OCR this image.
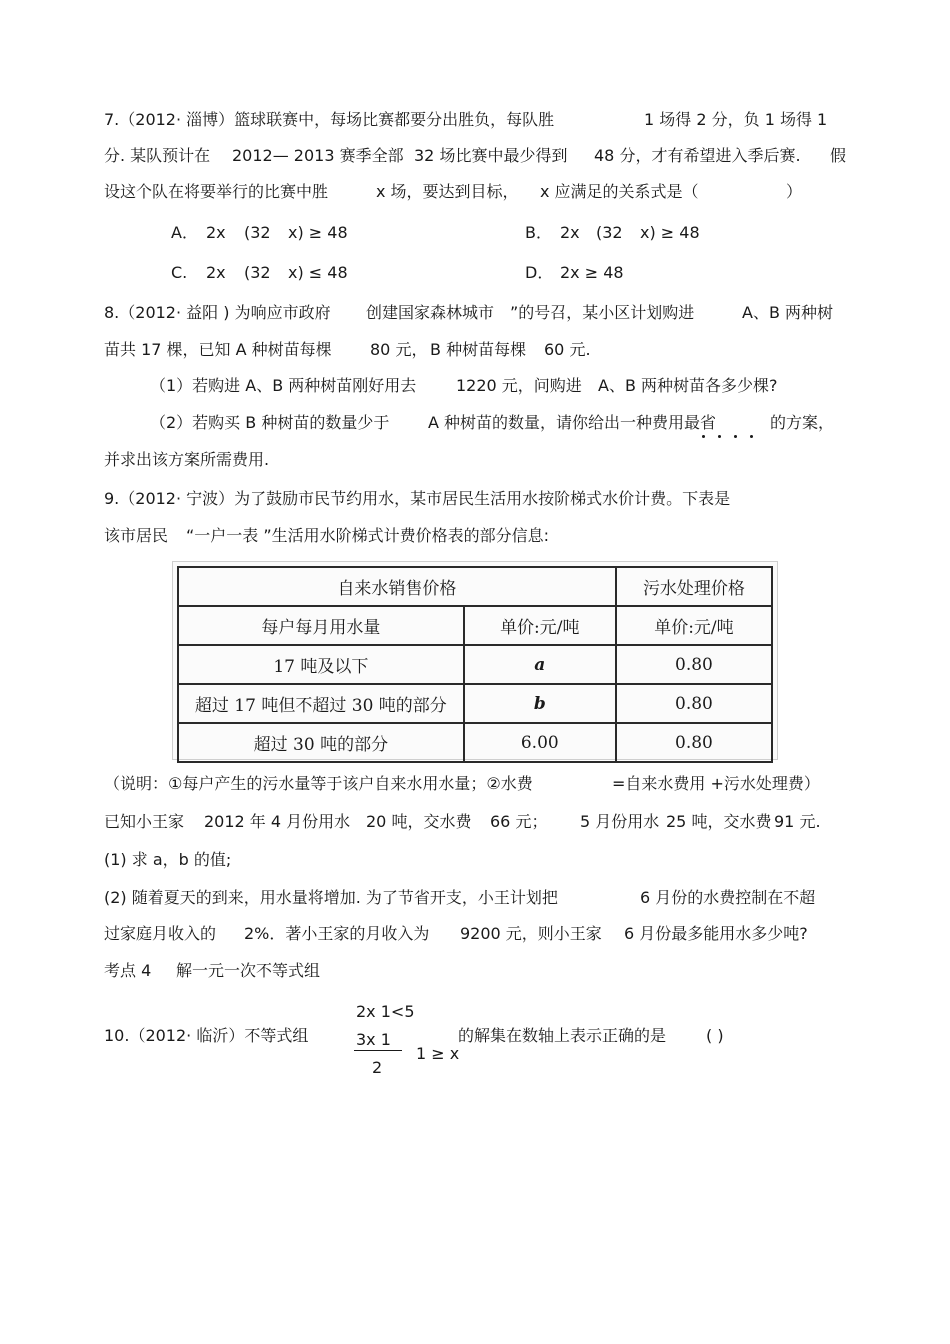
7.（2012· 淄博）篮球联赛中，每场比赛都要分出胜负，每队胜	1 场得 2 分，负 1 场得 1
分. 某队预计在 2012— 2013 赛季全部 32 场比赛中最少得到 48 分，才有希望进入季后赛. 假
设这个队在将要举行的比赛中胜	x 场，要达到目标， x 应满足的关系式是（	）
A． 2x (32 x) ≥ 48	B． 2x (32 x) ≥ 48
C. 2x (32 x) ≤ 48	D． 2x ≥ 48
8.（2012· 益阳 ) 为响应市政府 创建国家森林城市 ”的号召，某小区计划购进	A、B 两种树
苗共 17 棵，已知 A 种树苗每棵 80 元， B 种树苗每棵 60 元.
（1）若购进 A、B 两种树苗刚好用去 1220 元，问购进 A、B 两种树苗各多少棵?
（2）若购买 B 种树苗的数量少于 A 种树苗的数量，请你给出一种费用最省	的方案，
并求出该方案所需费用.
9.（2012· 宁波）为了鼓励市民节约用水，某市居民生活用水按阶梯式水价计费。下表是
该市居民 “一户一表 ”生活用水阶梯式计费价格表的部分信息:
自来水销售价格		污水处理价格
每户每月用水量	单价:元/吨	单价:元/吨
17 吨及以下	a	0.80
超过 17 吨但不超过 30 吨的部分	b	0.80
超过 30 吨的部分	6.00	0.80
（说明：①每户产生的污水量等于该户自来水用水量；②水费	=自来水费用 +污水处理费）
已知小王家 2012 年 4 月份用水 20 吨，交水费 66 元； 5 月份用水 25 吨，交水费 91 元.
(1) 求 a，b 的值;
(2) 随着夏天的到来，用水量将增加. 为了节省开支，小王计划把	6 月份的水费控制在不超
过家庭月收入的 2%．著小王家的月收入为 9200 元，则小王家 6 月份最多能用水多少吨?
考点 4 解一元一次不等式组
2x 1<5
10.（2012· 临沂）不等式组	3x 1
1 ≥ x
2
的解集在数轴上表示正确的是 ( )
